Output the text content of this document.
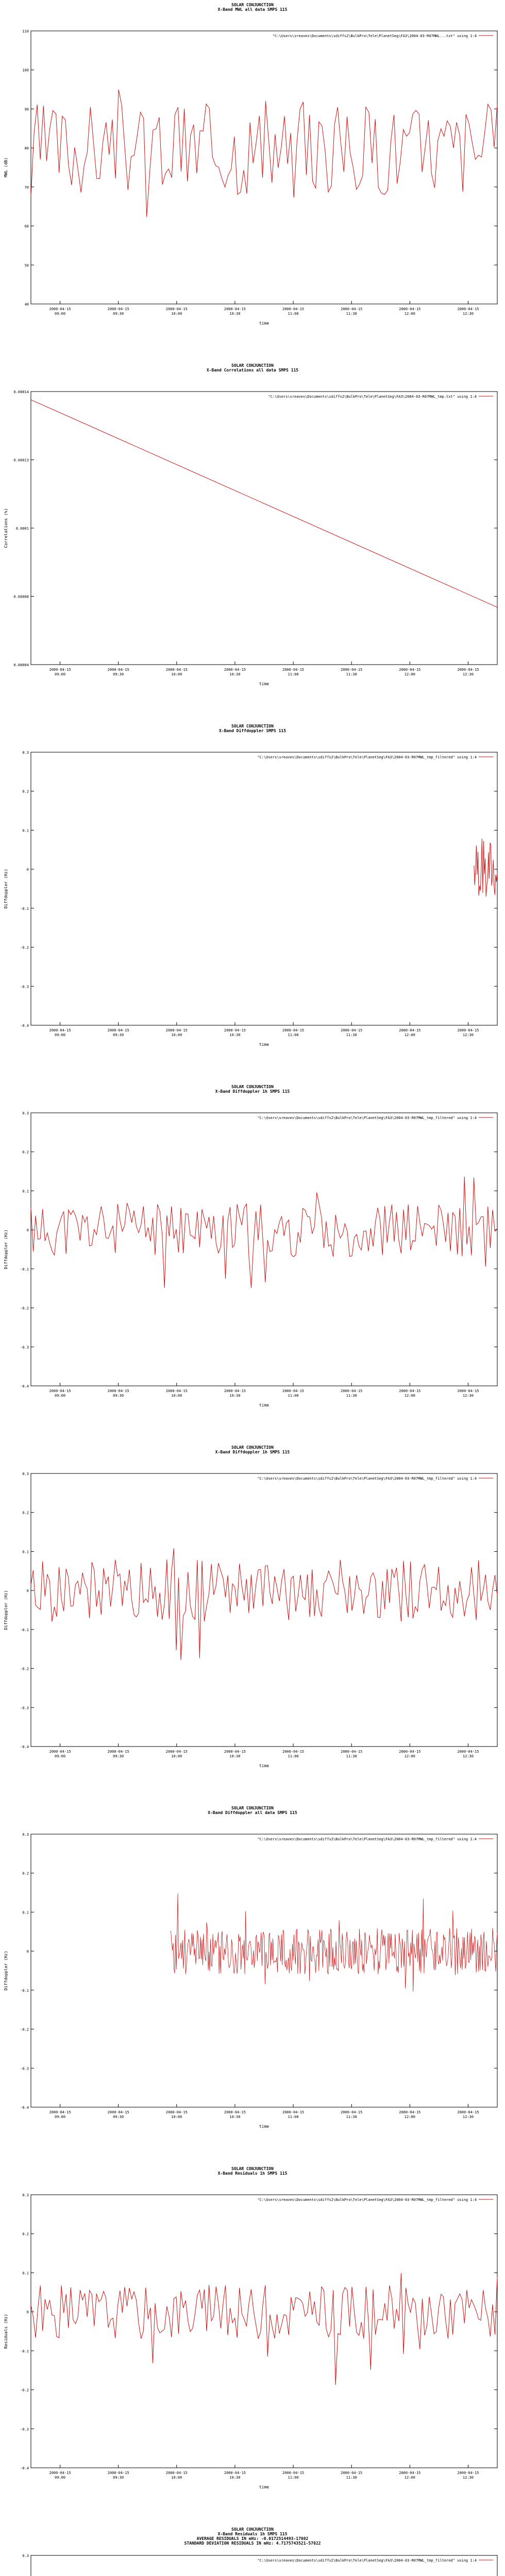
SOLAR CONJUNCTION
X-Band MWL all data SMPS 115
"C:\Users\sreaves\Documents\sdiffs2\BulkPro\Tele\PlanetSeg\FA3\2004-03-R07MWL...txt" using 1:4
110
100
90
80
70
60
50
40
2000-04-15
09:00
2000-04-15
09:30
2000-04-15
10:00
2000-04-15
10:30
2000-04-15
11:00
2000-04-15
11:30
2000-04-15
12:00
2000-04-15
12:30
time
MWL (dB)
SOLAR CONJUNCTION
X-Band Correlations all data SMPS 115
"C:\Users\sreaves\Documents\sdiffs2\BulkPro\Tele\PlanetSeg\FA3\2004-03-R07MWL_tmp.txt" using 1:4
0.00014
0.00013
0.0001
0.00008
0.00004
2000-04-15
09:00
2000-04-15
09:30
2000-04-15
10:00
2000-04-15
10:30
2000-04-15
11:00
2000-04-15
11:30
2000-04-15
12:00
2000-04-15
12:30
time
Correlations (%)
SOLAR CONJUNCTION
X-Band Diffdoppler SMPS 115
"C:\Users\sreaves\Documents\sdiffs2\BulkPro\Tele\PlanetSeg\FA3\2004-03-R07MWL_tmp_filtered" using 1:4
0.3
0.2
0.1
0
-0.1
-0.2
-0.3
-0.4
2000-04-15
09:00
2000-04-15
09:30
2000-04-15
10:00
2000-04-15
10:30
2000-04-15
11:00
2000-04-15
11:30
2000-04-15
12:00
2000-04-15
12:30
time
Diffdoppler (Hz)
SOLAR CONJUNCTION
X-Band Diffdoppler 1h SMPS 115
"C:\Users\sreaves\Documents\sdiffs2\BulkPro\Tele\PlanetSeg\FA3\2004-03-R07MWL_tmp_filtered" using 1:4
0.3
0.2
0.1
0
-0.1
-0.2
-0.3
-0.4
2000-04-15
09:00
2000-04-15
09:30
2000-04-15
10:00
2000-04-15
10:30
2000-04-15
11:00
2000-04-15
11:30
2000-04-15
12:00
2000-04-15
12:30
time
Diffdoppler (Hz)
SOLAR CONJUNCTION
X-Band Diffdoppler 1h SMPS 115
"C:\Users\sreaves\Documents\sdiffs2\BulkPro\Tele\PlanetSeg\FA3\2004-03-R07MWL_tmp_filtered" using 1:4
0.3
0.2
0.1
0
-0.1
-0.2
-0.3
-0.4
2000-04-15
09:00
2000-04-15
09:30
2000-04-15
10:00
2000-04-15
10:30
2000-04-15
11:00
2000-04-15
11:30
2000-04-15
12:00
2000-04-15
12:30
time
Diffdoppler (Hz)
SOLAR CONJUNCTION
X-Band Diffdoppler all data SMPS 115
"C:\Users\sreaves\Documents\sdiffs2\BulkPro\Tele\PlanetSeg\FA3\2004-03-R07MWL_tmp_filtered" using 1:4
0.3
0.2
0.1
0
-0.1
-0.2
-0.3
-0.4
2000-04-15
09:00
2000-04-15
09:30
2000-04-15
10:00
2000-04-15
10:30
2000-04-15
11:00
2000-04-15
11:30
2000-04-15
12:00
2000-04-15
12:30
time
Diffdoppler (Hz)
SOLAR CONJUNCTION
X-Band Residuals 1h SMPS 115
"C:\Users\sreaves\Documents\sdiffs2\BulkPro\Tele\PlanetSeg\FA3\2004-03-R07MWL_tmp_filtered" using 1:4
0.3
0.2
0.1
0
-0.1
-0.2
-0.3
-0.4
2000-04-15
09:00
2000-04-15
09:30
2000-04-15
10:00
2000-04-15
10:30
2000-04-15
11:00
2000-04-15
11:30
2000-04-15
12:00
2000-04-15
12:30
time
Residuals (Hz)
SOLAR CONJUNCTION
X-Band Residuals 1h SMPS 115
AVERAGE RESIDUALS IN mHz: -0.0172514493-17802
STANDARD DEVIATION RESIDUALS IN mHz: 4.7175743521-57822
"C:\Users\sreaves\Documents\sdiffs2\BulkPro\Tele\PlanetSeg\FA3\2004-03-R07MWL_tmp_filtered" using 1:4
0.3
